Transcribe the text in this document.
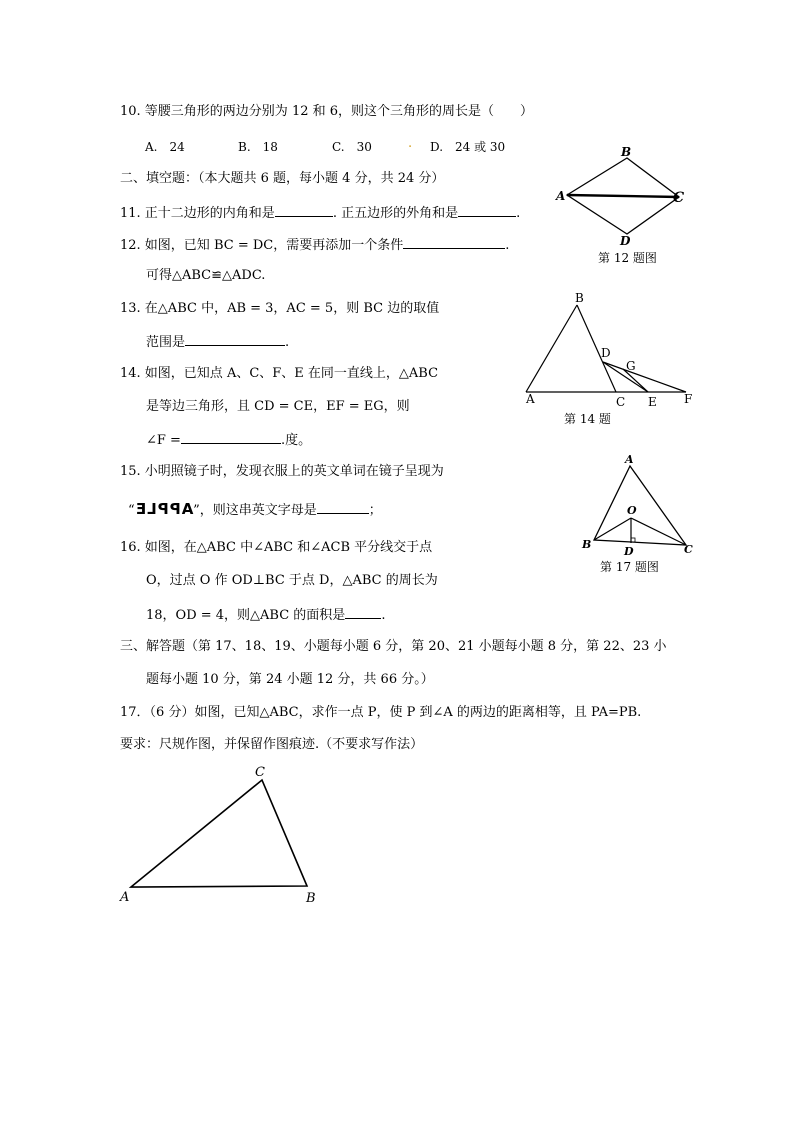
10. 等腰三角形的两边分别为 12 和 6，则这个三角形的周长是（　　）
A.　24	B.　18	C.　30	. D.　24 或 30
二、填空题：（本大题共 6 题，每小题 4 分，共 24 分）
11. 正十二边形的内角和是	. 正五边形的外角和是	.
12. 如图，已知 BC = DC，需要再添加一个条件	.
可得△ABC≌△ADC.
B
A	C
D
第 12 题图
13. 在△ABC 中，AB = 3，AC = 5，则 BC 边的取值
范围是	.
B
D
G
A	C E F
第 14 题
14. 如图，已知点 A、C、F、E 在同一直线上，△ABC
是等边三角形，且 CD = CE，EF = EG，则
∠F =	.度。
15. 小明照镜子时，发现衣服上的英文单词在镜子呈现为
“APPLE”，则这串英文字母是	；
A
O
B
D	C
第 17 题图
16. 如图，在△ABC 中∠ABC 和∠ACB 平分线交于点
O，过点 O 作 OD⊥BC 于点 D，△ABC 的周长为
18，OD = 4，则△ABC 的面积是	.
三、解答题（第 17、18、19、小题每小题 6 分，第 20、21 小题每小题 8 分，第 22、23 小
题每小题 10 分，第 24 小题 12 分，共 66 分。）
17．（6 分）如图，已知△ABC，求作一点 P，使 P 到∠A 的两边的距离相等，且 PA=PB.
要求：尺规作图，并保留作图痕迹.（不要求写作法）
C
A	B
